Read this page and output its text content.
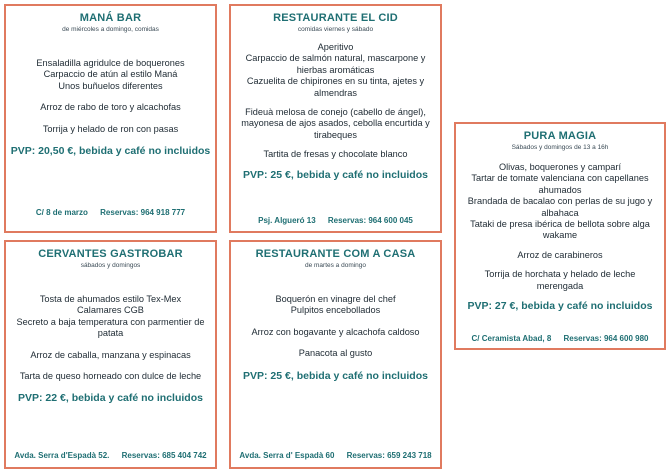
MANÁ BAR
de miércoles a domingo, comidas
Ensaladilla agridulce de boquerones
Carpaccio de atún al estilo Maná
Unos buñuelos diferentes
Arroz de rabo de toro y alcachofas
Torrija y helado de ron con pasas
PVP: 20,50 €, bebida y café no incluidos
C/ 8 de marzo Reservas: 964 918 777
RESTAURANTE EL CID
comidas viernes y sábado
Aperitivo
Carpaccio de salmón natural, mascarpone y hierbas aromáticas
Cazuelita de chipirones en su tinta, ajetes y almendras
Fideuà melosa de conejo (cabello de ángel), mayonesa de ajos asados, cebolla encurtida y tirabeques
Tartita de fresas y chocolate blanco
PVP: 25 €, bebida y café no incluidos
Psj. Algueró 13 Reservas: 964 600 045
PURA MAGIA
Sábados y domingos de 13 a 16h
Olivas, boquerones y camparí
Tartar de tomate valenciana con capellanes ahumados
Brandada de bacalao con perlas de su jugo y albahaca
Tataki de presa ibérica de bellota sobre alga wakame
Arroz de carabineros
Torrija de horchata y helado de leche merengada
PVP: 27 €, bebida y café no incluidos
C/ Ceramista Abad, 8 Reservas: 964 600 980
CERVANTES GASTROBAR
sábados y domingos
Tosta de ahumados estilo Tex-Mex
Calamares CGB
Secreto a baja temperatura con parmentier de patata
Arroz de caballa, manzana y espinacas
Tarta de queso horneado con dulce de leche
PVP: 22 €, bebida y café no incluidos
Avda. Serra d'Espadà 52. Reservas: 685 404 742
RESTAURANTE COM A CASA
de martes a domingo
Boquerón en vinagre del chef
Pulpitos encebollados
Arroz con bogavante y alcachofa caldoso
Panacota al gusto
PVP: 25 €, bebida y café no incluidos
Avda. Serra d' Espadà 60 Reservas: 659 243 718
